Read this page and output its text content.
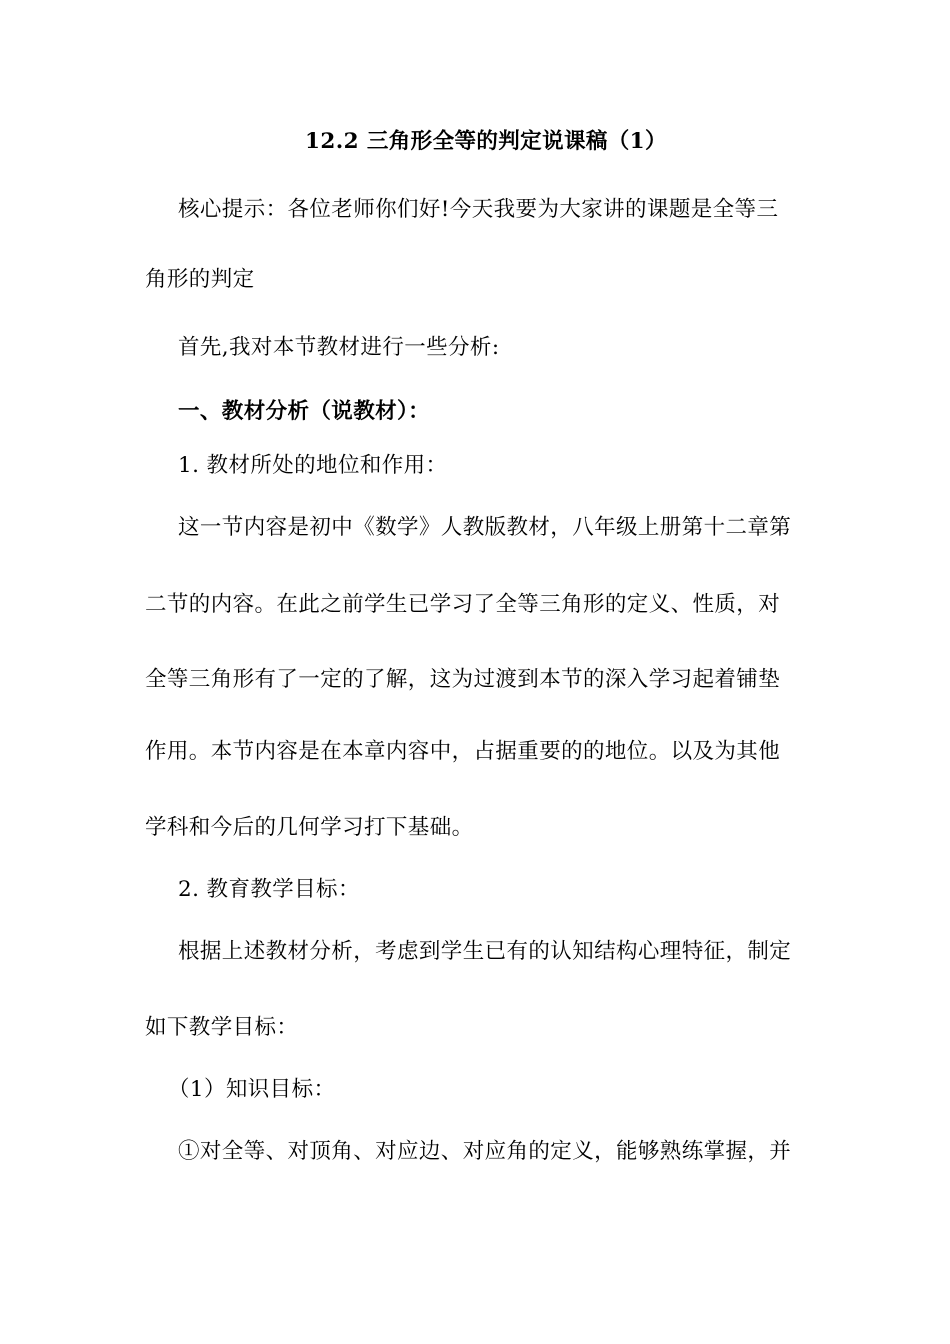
12.2 三角形全等的判定说课稿（1）
核心提示：各位老师你们好!今天我要为大家讲的课题是全等三
角形的判定
首先,我对本节教材进行一些分析:
一、教材分析（说教材）：
1. 教材所处的地位和作用：
这一节内容是初中《数学》人教版教材，八年级上册第十二章第
二节的内容。在此之前学生已学习了全等三角形的定义、性质，对
全等三角形有了一定的了解，这为过渡到本节的深入学习起着铺垫
作用。本节内容是在本章内容中，占据重要的的地位。以及为其他
学科和今后的几何学习打下基础。
2. 教育教学目标：
根据上述教材分析，考虑到学生已有的认知结构心理特征，制定
如下教学目标：
（1）知识目标：
①对全等、对顶角、对应边、对应角的定义，能够熟练掌握，并
